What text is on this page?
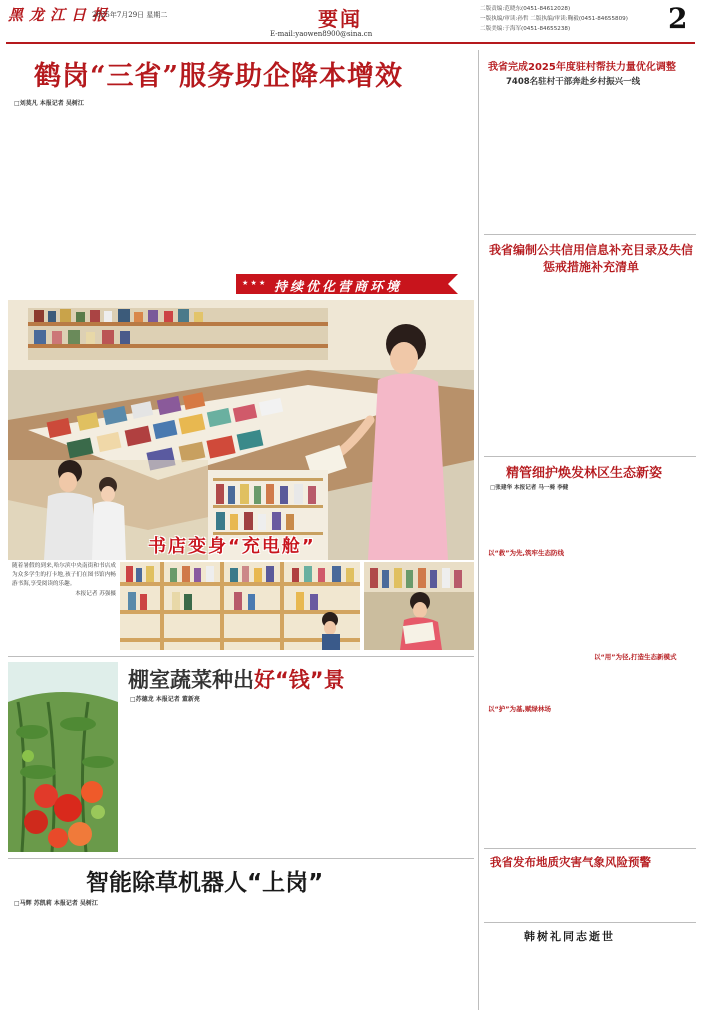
黑龙江日报
2025年7月29日 星期二	要闻
E-mail:yaowen8900@sina.cn
二版责编:范晓东(0451-84612028)
一版执编/审读:孙哲 二版执编/审读:鞠毅(0451-84655809)
二版美编:于海军(0451-84655238)	2
鹤岗“三省”服务助企降本增效
□刘莫凡 本报记者 吴树江
★ ★ ★ 持续优化营商环境
书店变身“充电舱”
随着暑假的到来,哈尔滨中央南街和书店成为众多学生的打卡地,孩子们在图书馆内畅游书海,享受阅读的乐趣。
本报记者 苏强摄
棚室蔬菜种出好“钱”景
□苏德龙 本报记者 董新亮
智能除草机器人“上岗”
□马辉 苏凯莉 本报记者 吴树江
我省完成2025年度驻村帮扶力量优化调整
7408名驻村干部奔赴乡村振兴一线
我省编制公共信用信息补充目录及失信惩戒措施补充清单
精管细护焕发林区生态新姿
□张建华 本报记者 马一骑 李健
以“救”为先,筑牢生态防线
以“护”为基,赋绿林场
以“用”为径,打造生态新模式
我省发布地质灾害气象风险预警
韩树礼同志逝世
